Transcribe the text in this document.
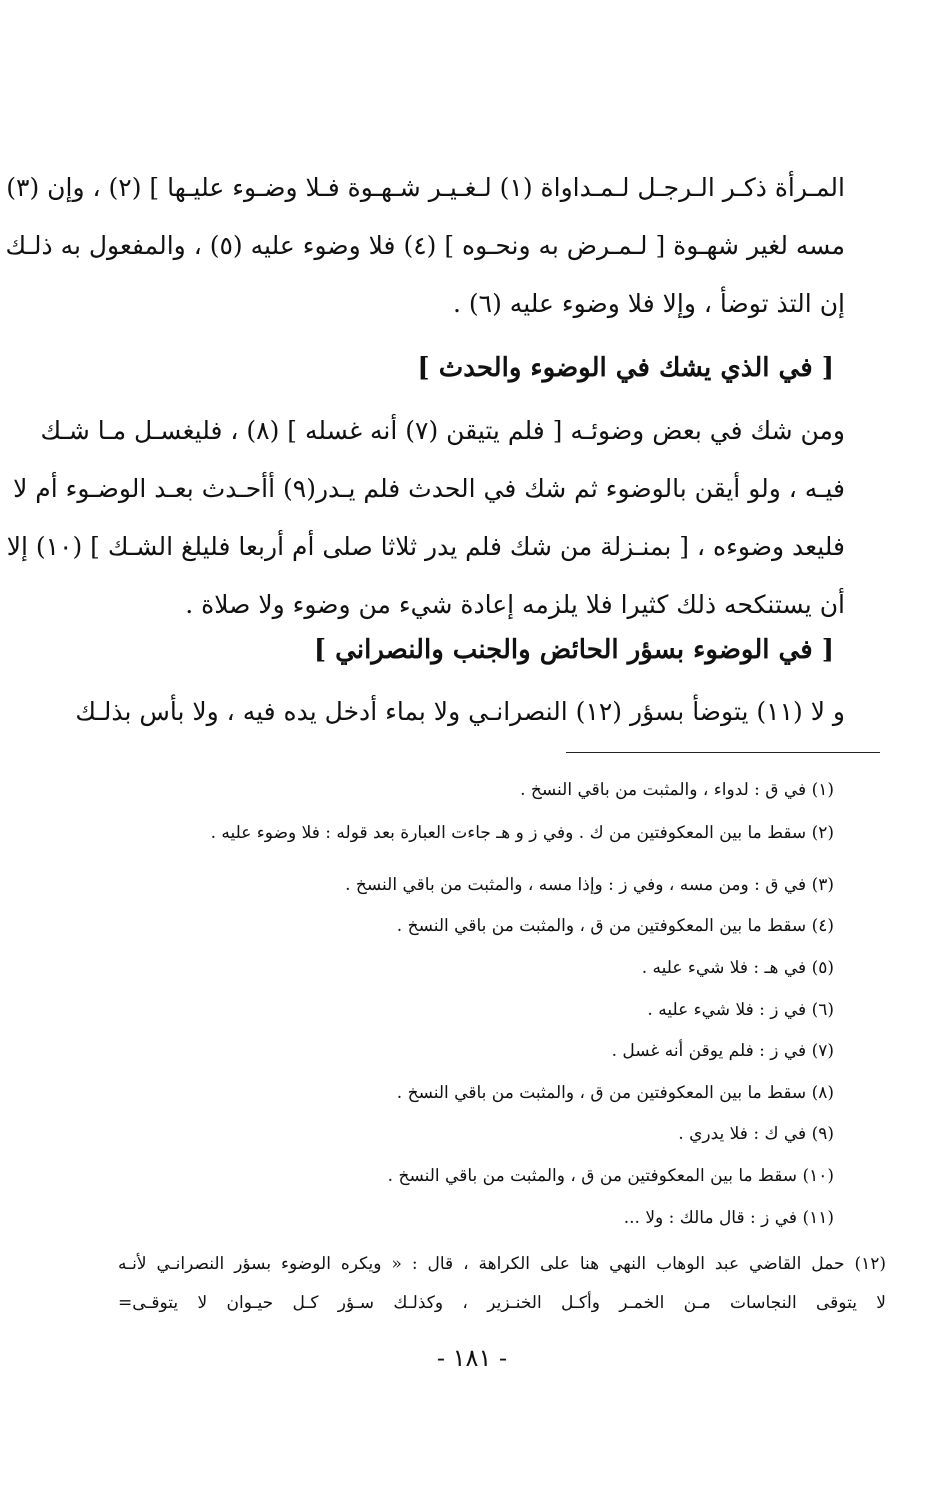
المـرأة ذكـر الـرجـل لـمـداواة (١) لـغـيـر شـهـوة فـلا وضـوء عليـها ] (٢) ، وإن (٣)
مسه لغير شهـوة [ لـمـرض به ونحـوه ] (٤) فلا وضوء عليه (٥) ، والمفعول به ذلـك
إن التذ توضأ ، وإلا فلا وضوء عليه (٦) .
[ في الذي يشك في الوضوء والحدث ]
ومن شك في بعض وضوئـه [ فلم يتيقن (٧) أنه غسله ] (٨) ، فليغسـل مـا شـك
فيـه ، ولو أيقن بالوضوء ثم شك في الحدث فلم يـدر(٩) أأحـدث بعـد الوضـوء أم لا
فليعد وضوءه ، [ بمنـزلة من شك فلم يدر ثلاثا صلى أم أربعا فليلغ الشـك ] (١٠) إلا
أن يستنكحه ذلك كثيرا فلا يلزمه إعادة شيء من وضوء ولا صلاة .
[ في الوضوء بسؤر الحائض والجنب والنصراني ]
و لا (١١) يتوضأ بسؤر (١٢) النصرانـي ولا بماء أدخل يده فيه ، ولا بأس بذلـك
(١) في ق : لدواء ، والمثبت من باقي النسخ .
(٢) سقط ما بين المعكوفتين من ك . وفي ز و هـ جاءت العبارة بعد قوله : فلا وضوء عليه .
(٣) في ق : ومن مسه ، وفي ز : وإذا مسه ، والمثبت من باقي النسخ .
(٤) سقط ما بين المعكوفتين من ق ، والمثبت من باقي النسخ .
(٥) في هـ : فلا شيء عليه .
(٦) في ز : فلا شيء عليه .
(٧) في ز : فلم يوقن أنه غسل .
(٨) سقط ما بين المعكوفتين من ق ، والمثبت من باقي النسخ .
(٩) في ك : فلا يدري .
(١٠) سقط ما بين المعكوفتين من ق ، والمثبت من باقي النسخ .
(١١) في ز : قال مالك : ولا ...
(١٢) حمل القاضي عبد الوهاب النهي هنا على الكراهة ، قال : « ويكره الوضوء بسؤر النصرانـي لأنـه
لا يتوقى النجاسات مـن الخمـر وأكـل الخنـزير ، وكذلـك سـؤر كـل حيـوان لا يتوقـى=
- ١٨١ -
